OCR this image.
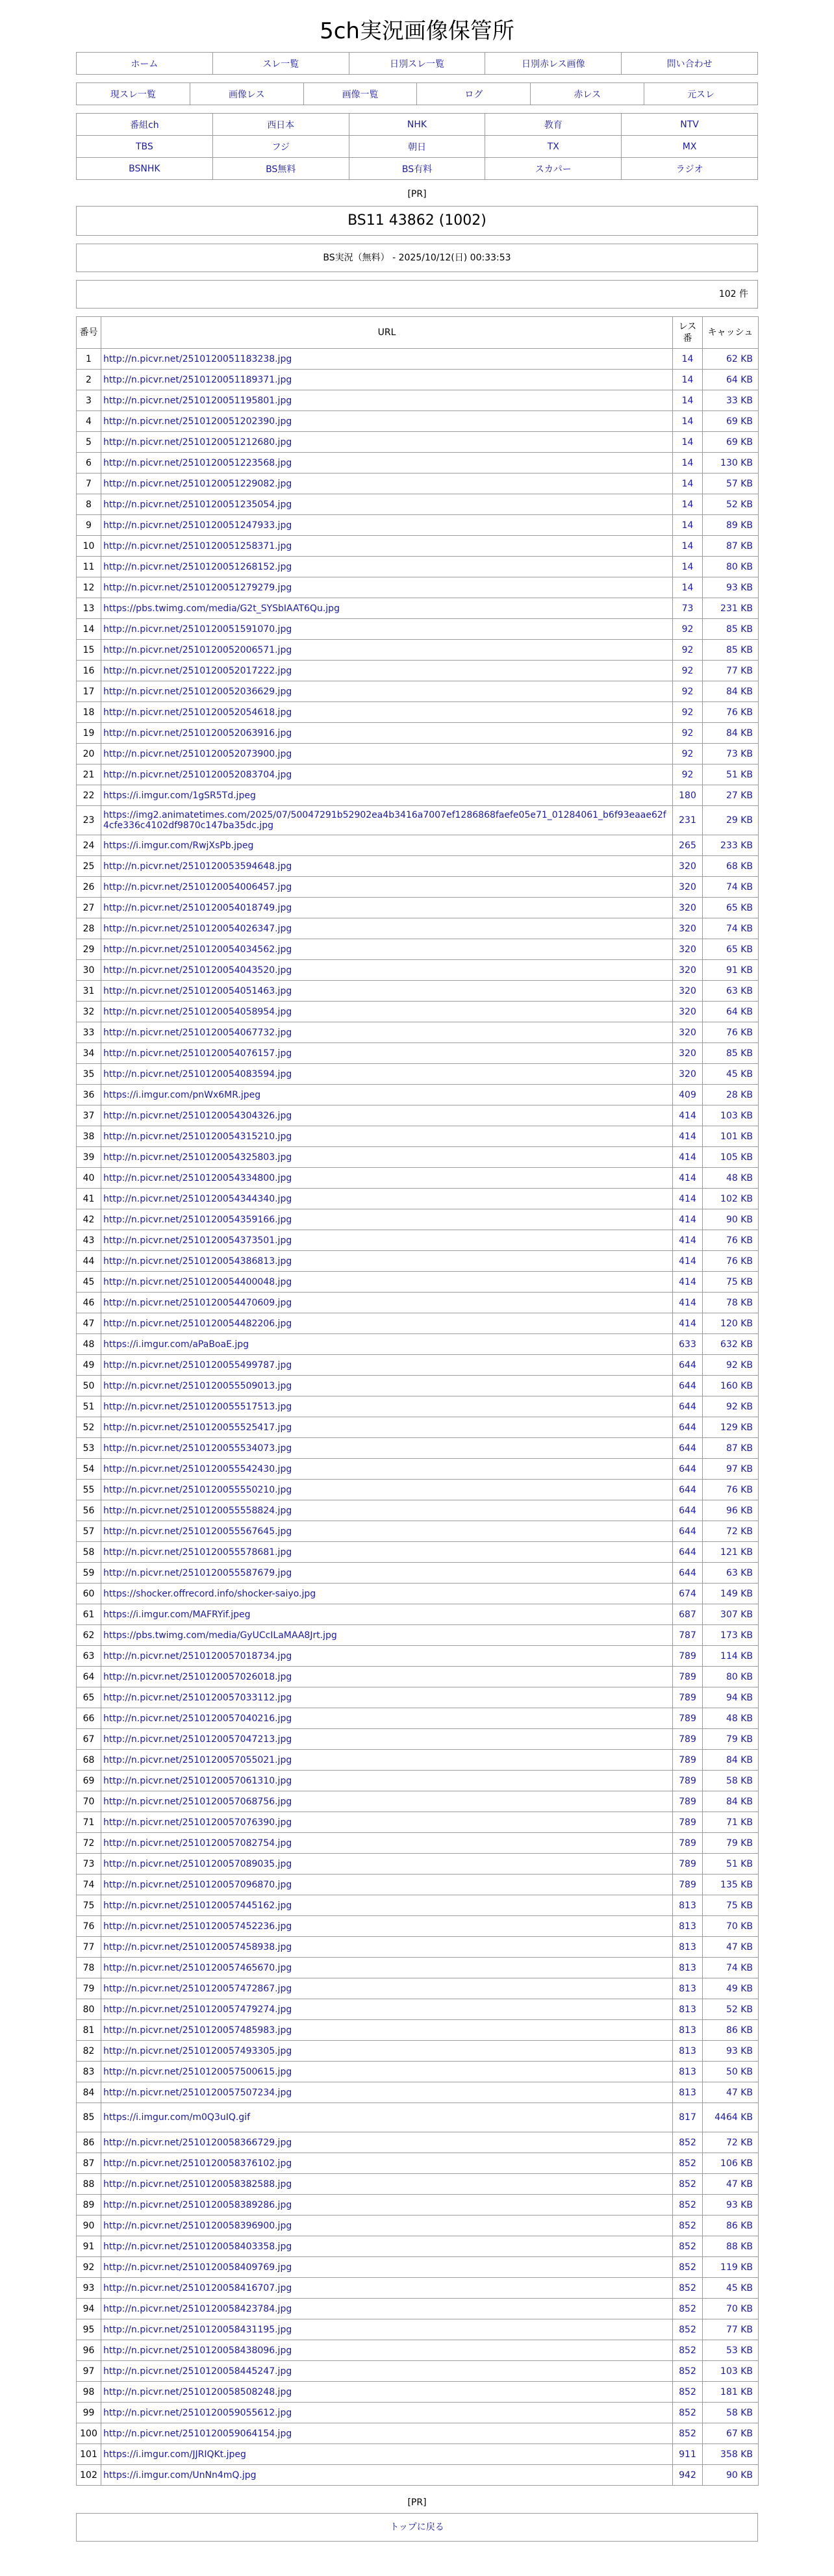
5ch実況画像保管所
ホーム	スレ一覧	日別スレ一覧	日別赤レス画像	問い合わせ
現スレ一覧	画像レス	画像一覧	ログ	赤レス	元スレ
番組ch	西日本	NHK	教育	NTV
TBS	フジ	朝日	TX	MX
BSNHK	BS無料	BS有料	スカパー	ラジオ
[PR]
BS11 43862 (1002)
BS実況（無料） - 2025/10/12(日) 00:33:53
102 件
番号	URL	レス番	キャッシュ
1	http://n.picvr.net/2510120051183238.jpg	14	62 KB
2	http://n.picvr.net/2510120051189371.jpg	14	64 KB
3	http://n.picvr.net/2510120051195801.jpg	14	33 KB
4	http://n.picvr.net/2510120051202390.jpg	14	69 KB
5	http://n.picvr.net/2510120051212680.jpg	14	69 KB
6	http://n.picvr.net/2510120051223568.jpg	14	130 KB
7	http://n.picvr.net/2510120051229082.jpg	14	57 KB
8	http://n.picvr.net/2510120051235054.jpg	14	52 KB
9	http://n.picvr.net/2510120051247933.jpg	14	89 KB
10	http://n.picvr.net/2510120051258371.jpg	14	87 KB
11	http://n.picvr.net/2510120051268152.jpg	14	80 KB
12	http://n.picvr.net/2510120051279279.jpg	14	93 KB
13	https://pbs.twimg.com/media/G2t_SYSbIAAT6Qu.jpg	73	231 KB
14	http://n.picvr.net/2510120051591070.jpg	92	85 KB
15	http://n.picvr.net/2510120052006571.jpg	92	85 KB
16	http://n.picvr.net/2510120052017222.jpg	92	77 KB
17	http://n.picvr.net/2510120052036629.jpg	92	84 KB
18	http://n.picvr.net/2510120052054618.jpg	92	76 KB
19	http://n.picvr.net/2510120052063916.jpg	92	84 KB
20	http://n.picvr.net/2510120052073900.jpg	92	73 KB
21	http://n.picvr.net/2510120052083704.jpg	92	51 KB
22	https://i.imgur.com/1gSR5Td.jpeg	180	27 KB
23	https://img2.animatetimes.com/2025/07/50047291b52902ea4b3416a7007ef1286868faefe05e71_01284061_b6f93eaae62f4cfe336c4102df9870c147ba35dc.jpg	231	29 KB
24	https://i.imgur.com/RwjXsPb.jpeg	265	233 KB
25	http://n.picvr.net/2510120053594648.jpg	320	68 KB
26	http://n.picvr.net/2510120054006457.jpg	320	74 KB
27	http://n.picvr.net/2510120054018749.jpg	320	65 KB
28	http://n.picvr.net/2510120054026347.jpg	320	74 KB
29	http://n.picvr.net/2510120054034562.jpg	320	65 KB
30	http://n.picvr.net/2510120054043520.jpg	320	91 KB
31	http://n.picvr.net/2510120054051463.jpg	320	63 KB
32	http://n.picvr.net/2510120054058954.jpg	320	64 KB
33	http://n.picvr.net/2510120054067732.jpg	320	76 KB
34	http://n.picvr.net/2510120054076157.jpg	320	85 KB
35	http://n.picvr.net/2510120054083594.jpg	320	45 KB
36	https://i.imgur.com/pnWx6MR.jpeg	409	28 KB
37	http://n.picvr.net/2510120054304326.jpg	414	103 KB
38	http://n.picvr.net/2510120054315210.jpg	414	101 KB
39	http://n.picvr.net/2510120054325803.jpg	414	105 KB
40	http://n.picvr.net/2510120054334800.jpg	414	48 KB
41	http://n.picvr.net/2510120054344340.jpg	414	102 KB
42	http://n.picvr.net/2510120054359166.jpg	414	90 KB
43	http://n.picvr.net/2510120054373501.jpg	414	76 KB
44	http://n.picvr.net/2510120054386813.jpg	414	76 KB
45	http://n.picvr.net/2510120054400048.jpg	414	75 KB
46	http://n.picvr.net/2510120054470609.jpg	414	78 KB
47	http://n.picvr.net/2510120054482206.jpg	414	120 KB
48	https://i.imgur.com/aPaBoaE.jpg	633	632 KB
49	http://n.picvr.net/2510120055499787.jpg	644	92 KB
50	http://n.picvr.net/2510120055509013.jpg	644	160 KB
51	http://n.picvr.net/2510120055517513.jpg	644	92 KB
52	http://n.picvr.net/2510120055525417.jpg	644	129 KB
53	http://n.picvr.net/2510120055534073.jpg	644	87 KB
54	http://n.picvr.net/2510120055542430.jpg	644	97 KB
55	http://n.picvr.net/2510120055550210.jpg	644	76 KB
56	http://n.picvr.net/2510120055558824.jpg	644	96 KB
57	http://n.picvr.net/2510120055567645.jpg	644	72 KB
58	http://n.picvr.net/2510120055578681.jpg	644	121 KB
59	http://n.picvr.net/2510120055587679.jpg	644	63 KB
60	https://shocker.offrecord.info/shocker-saiyo.jpg	674	149 KB
61	https://i.imgur.com/MAFRYif.jpeg	687	307 KB
62	https://pbs.twimg.com/media/GyUCcILaMAA8Jrt.jpg	787	173 KB
63	http://n.picvr.net/2510120057018734.jpg	789	114 KB
64	http://n.picvr.net/2510120057026018.jpg	789	80 KB
65	http://n.picvr.net/2510120057033112.jpg	789	94 KB
66	http://n.picvr.net/2510120057040216.jpg	789	48 KB
67	http://n.picvr.net/2510120057047213.jpg	789	79 KB
68	http://n.picvr.net/2510120057055021.jpg	789	84 KB
69	http://n.picvr.net/2510120057061310.jpg	789	58 KB
70	http://n.picvr.net/2510120057068756.jpg	789	84 KB
71	http://n.picvr.net/2510120057076390.jpg	789	71 KB
72	http://n.picvr.net/2510120057082754.jpg	789	79 KB
73	http://n.picvr.net/2510120057089035.jpg	789	51 KB
74	http://n.picvr.net/2510120057096870.jpg	789	135 KB
75	http://n.picvr.net/2510120057445162.jpg	813	75 KB
76	http://n.picvr.net/2510120057452236.jpg	813	70 KB
77	http://n.picvr.net/2510120057458938.jpg	813	47 KB
78	http://n.picvr.net/2510120057465670.jpg	813	74 KB
79	http://n.picvr.net/2510120057472867.jpg	813	49 KB
80	http://n.picvr.net/2510120057479274.jpg	813	52 KB
81	http://n.picvr.net/2510120057485983.jpg	813	86 KB
82	http://n.picvr.net/2510120057493305.jpg	813	93 KB
83	http://n.picvr.net/2510120057500615.jpg	813	50 KB
84	http://n.picvr.net/2510120057507234.jpg	813	47 KB
85	https://i.imgur.com/m0Q3uIQ.gif	817	4464 KB
86	http://n.picvr.net/2510120058366729.jpg	852	72 KB
87	http://n.picvr.net/2510120058376102.jpg	852	106 KB
88	http://n.picvr.net/2510120058382588.jpg	852	47 KB
89	http://n.picvr.net/2510120058389286.jpg	852	93 KB
90	http://n.picvr.net/2510120058396900.jpg	852	86 KB
91	http://n.picvr.net/2510120058403358.jpg	852	88 KB
92	http://n.picvr.net/2510120058409769.jpg	852	119 KB
93	http://n.picvr.net/2510120058416707.jpg	852	45 KB
94	http://n.picvr.net/2510120058423784.jpg	852	70 KB
95	http://n.picvr.net/2510120058431195.jpg	852	77 KB
96	http://n.picvr.net/2510120058438096.jpg	852	53 KB
97	http://n.picvr.net/2510120058445247.jpg	852	103 KB
98	http://n.picvr.net/2510120058508248.jpg	852	181 KB
99	http://n.picvr.net/2510120059055612.jpg	852	58 KB
100	http://n.picvr.net/2510120059064154.jpg	852	67 KB
101	https://i.imgur.com/JJRIQKt.jpeg	911	358 KB
102	https://i.imgur.com/UnNn4mQ.jpg	942	90 KB
[PR]
トップに戻る
